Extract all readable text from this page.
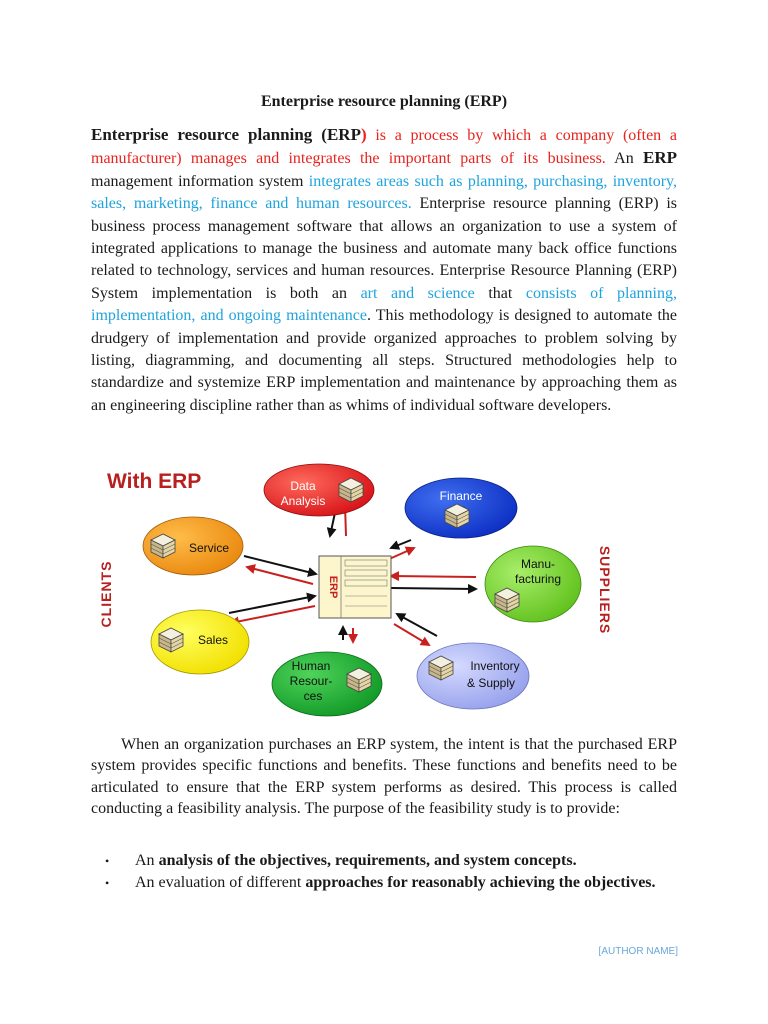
Enterprise resource planning (ERP)
Enterprise resource planning (ERP) is a process by which a company (often a manufacturer) manages and integrates the important parts of its business. An ERP management information system integrates areas such as planning, purchasing, inventory, sales, marketing, finance and human resources. Enterprise resource planning (ERP) is business process management software that allows an organization to use a system of integrated applications to manage the business and automate many back office functions related to technology, services and human resources. Enterprise Resource Planning (ERP) System implementation is both an art and science that consists of planning, implementation, and ongoing maintenance. This methodology is designed to automate the drudgery of implementation and provide organized approaches to problem solving by listing, diagramming, and documenting all steps. Structured methodologies help to standardize and systemize ERP implementation and maintenance by approaching them as an engineering discipline rather than as whims of individual software developers.
With ERP
CLIENTS	SUPPLIERS
ERP
Data
Analysis	Finance
Service
Manu-
facturing
Sales
Human
Resour-
ces
Inventory
& Supply
When an organization purchases an ERP system, the intent is that the purchased ERP system provides specific functions and benefits. These functions and benefits need to be articulated to ensure that the ERP system performs as desired. This process is called conducting a feasibility analysis. The purpose of the feasibility study is to provide:
• An analysis of the objectives, requirements, and system concepts.
• An evaluation of different approaches for reasonably achieving the objectives.
[AUTHOR NAME]
